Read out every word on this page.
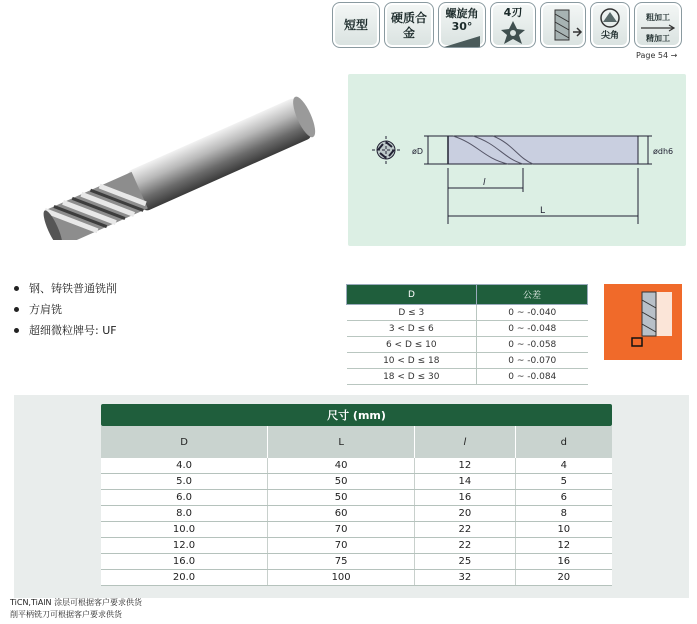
短型	硬质合金
螺旋角
30°
4刃
尖角
粗加工
精加工
Page 54 →
øD	ødh6
l
L
钢、铸铁普通铣削
方肩铣
超细微粒牌号: UF
D	公差
D ≤ 3	0 ~ -0.040
3 < D ≤ 6	0 ~ -0.048
6 < D ≤ 10	0 ~ -0.058
10 < D ≤ 18	0 ~ -0.070
18 < D ≤ 30	0 ~ -0.084
尺寸 (mm)			
D	L	l	d
4.0	40	12	4
5.0	50	14	5
6.0	50	16	6
8.0	60	20	8
10.0	70	22	10
12.0	70	22	12
16.0	75	25	16
20.0	100	32	20
TiCN,TiAlN 涂层可根据客户要求供货
削平柄铣刀可根据客户要求供货
